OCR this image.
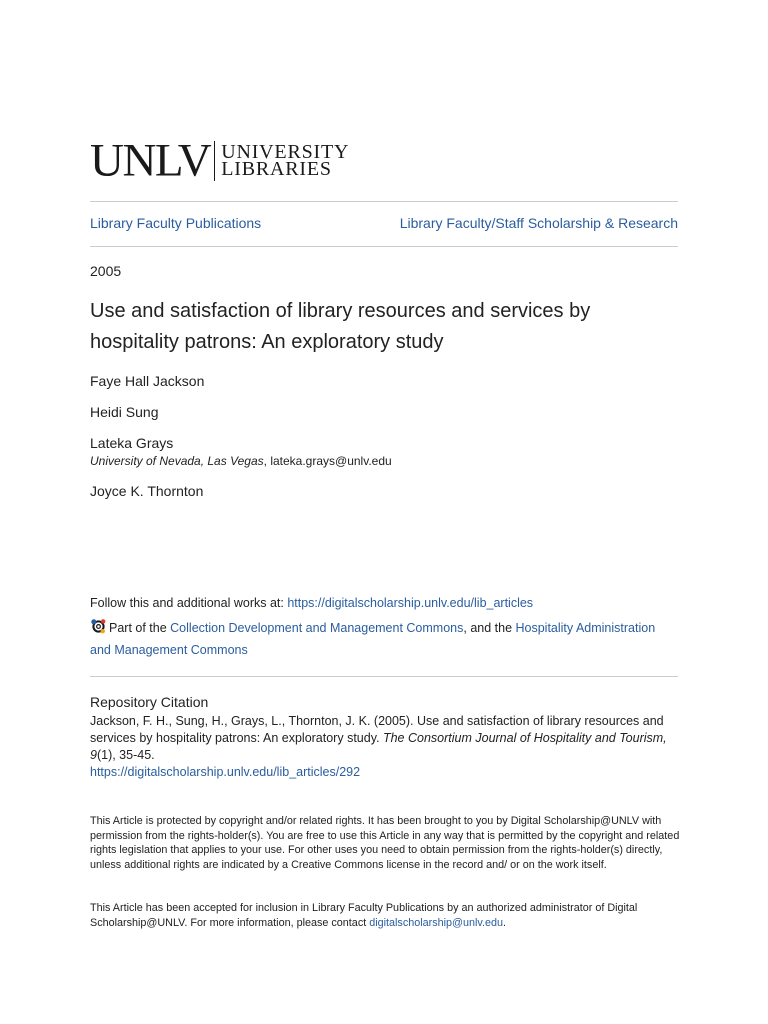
UNLV UNIVERSITY
LIBRARIES
Library Faculty Publications	Library Faculty/Staff Scholarship & Research
2005
Use and satisfaction of library resources and services by hospitality patrons: An exploratory study
Faye Hall Jackson
Heidi Sung
Lateka Grays
University of Nevada, Las Vegas, lateka.grays@unlv.edu
Joyce K. Thornton
Follow this and additional works at: https://digitalscholarship.unlv.edu/lib_articles
Part of the Collection Development and Management Commons, and the Hospitality Administration and Management Commons
Repository Citation
Jackson, F. H., Sung, H., Grays, L., Thornton, J. K. (2005). Use and satisfaction of library resources and services by hospitality patrons: An exploratory study. The Consortium Journal of Hospitality and Tourism, 9(1), 35-45.
https://digitalscholarship.unlv.edu/lib_articles/292
This Article is protected by copyright and/or related rights. It has been brought to you by Digital Scholarship@UNLV with permission from the rights-holder(s). You are free to use this Article in any way that is permitted by the copyright and related rights legislation that applies to your use. For other uses you need to obtain permission from the rights-holder(s) directly, unless additional rights are indicated by a Creative Commons license in the record and/ or on the work itself.
This Article has been accepted for inclusion in Library Faculty Publications by an authorized administrator of Digital Scholarship@UNLV. For more information, please contact digitalscholarship@unlv.edu.
